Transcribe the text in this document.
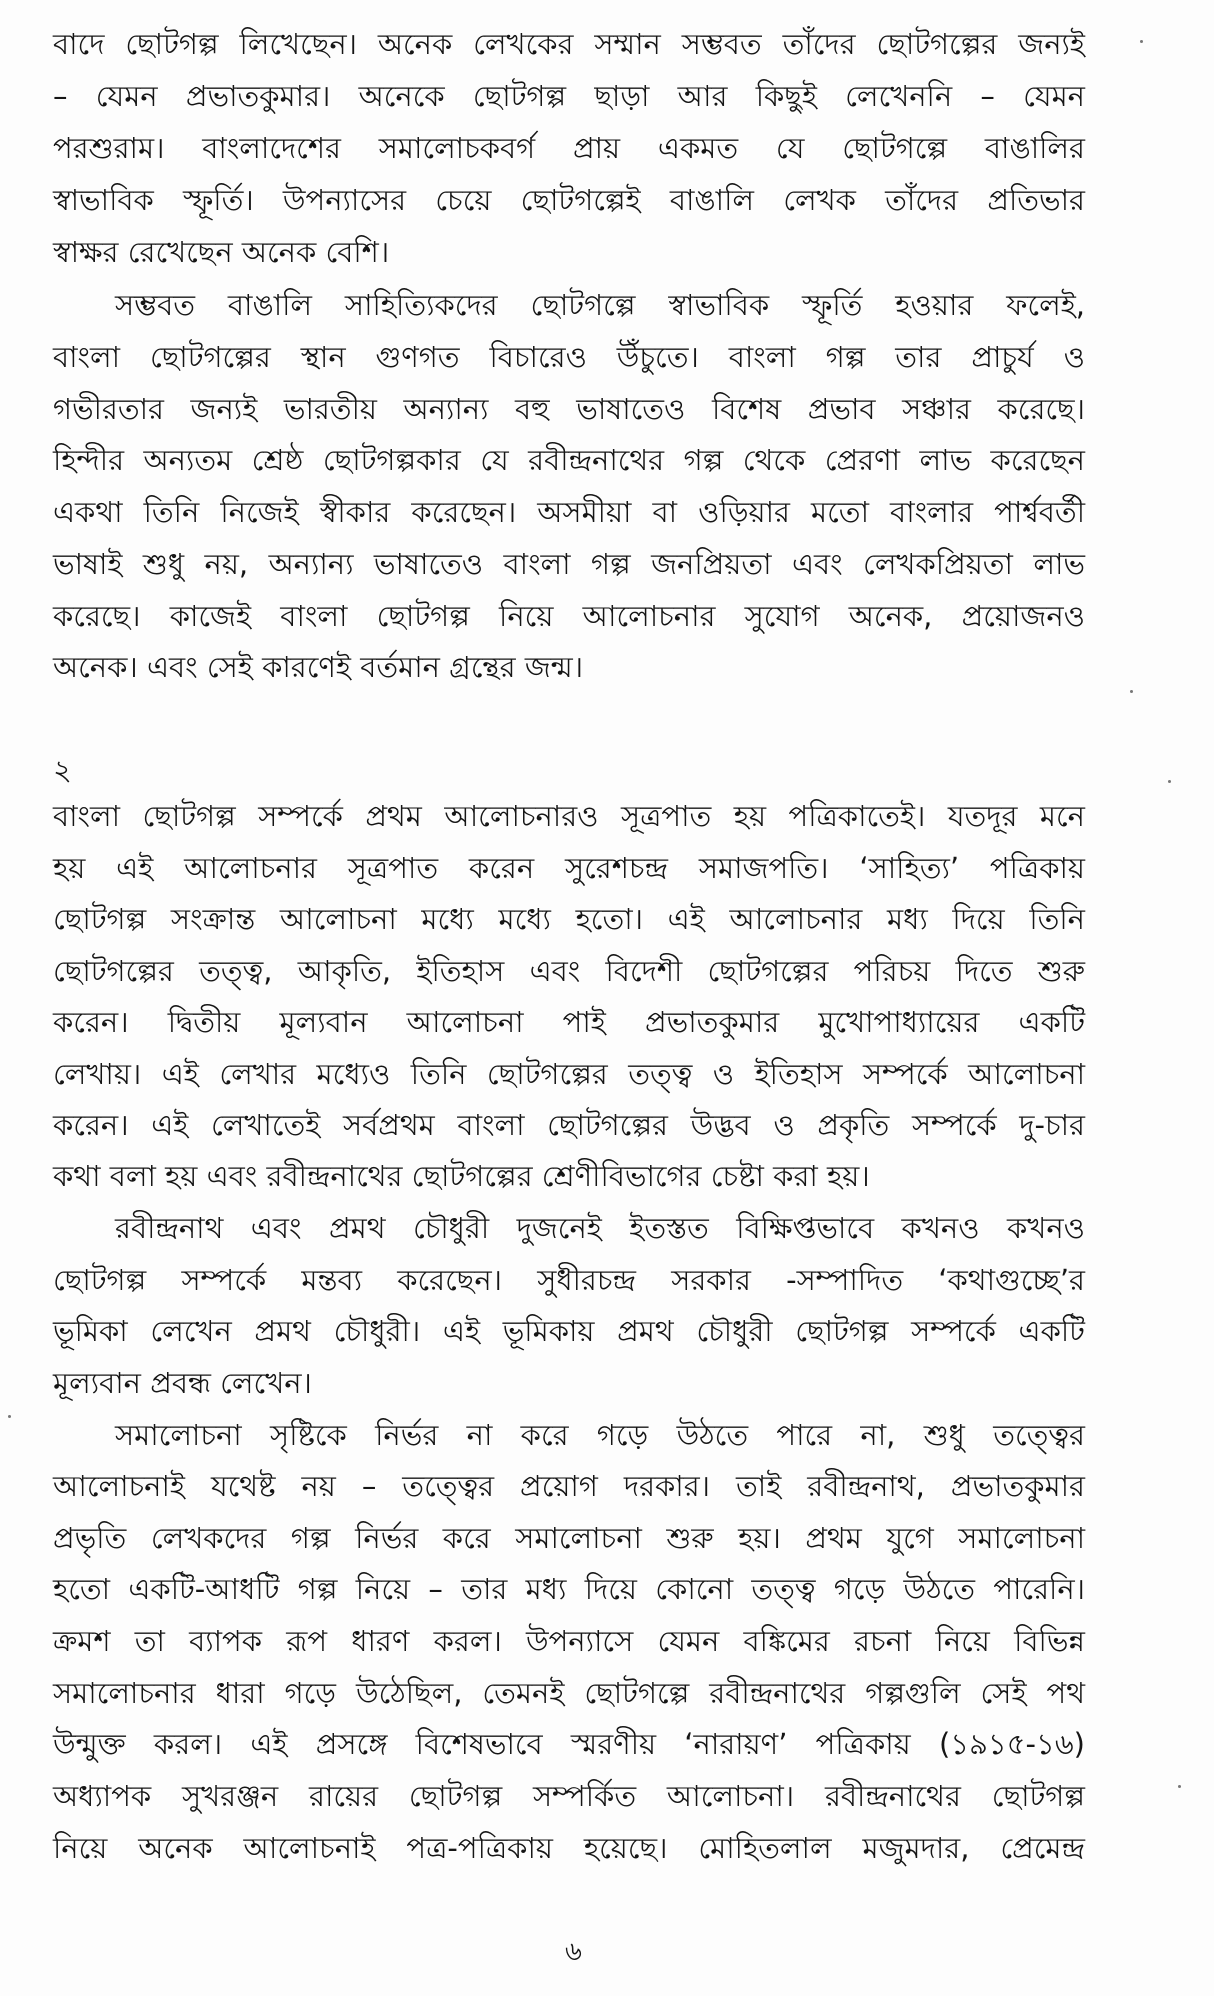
বাদে ছোটগল্প লিখেছেন। অনেক লেখকের সম্মান সম্ভবত তাঁদের ছোটগল্পের জন্যই
– যেমন প্রভাতকুমার। অনেকে ছোটগল্প ছাড়া আর কিছুই লেখেননি – যেমন
পরশুরাম। বাংলাদেশের সমালোচকবর্গ প্রায় একমত যে ছোটগল্পে বাঙালির
স্বাভাবিক স্ফূর্তি। উপন্যাসের চেয়ে ছোটগল্পেই বাঙালি লেখক তাঁদের প্রতিভার
স্বাক্ষর রেখেছেন অনেক বেশি।
সম্ভবত বাঙালি সাহিত্যিকদের ছোটগল্পে স্বাভাবিক স্ফূর্তি হওয়ার ফলেই,
বাংলা ছোটগল্পের স্থান গুণগত বিচারেও উঁচুতে। বাংলা গল্প তার প্রাচুর্য ও
গভীরতার জন্যই ভারতীয় অন্যান্য বহু ভাষাতেও বিশেষ প্রভাব সঞ্চার করেছে।
হিন্দীর অন্যতম শ্রেষ্ঠ ছোটগল্পকার যে রবীন্দ্রনাথের গল্প থেকে প্রেরণা লাভ করেছেন
একথা তিনি নিজেই স্বীকার করেছেন। অসমীয়া বা ওড়িয়ার মতো বাংলার পার্শ্ববর্তী
ভাষাই শুধু নয়, অন্যান্য ভাষাতেও বাংলা গল্প জনপ্রিয়তা এবং লেখকপ্রিয়তা লাভ
করেছে। কাজেই বাংলা ছোটগল্প নিয়ে আলোচনার সুযোগ অনেক, প্রয়োজনও
অনেক। এবং সেই কারণেই বর্তমান গ্রন্থের জন্ম।
২
বাংলা ছোটগল্প সম্পর্কে প্রথম আলোচনারও সূত্রপাত হয় পত্রিকাতেই। যতদূর মনে
হয় এই আলোচনার সূত্রপাত করেন সুরেশচন্দ্র সমাজপতি। ‘সাহিত্য’ পত্রিকায়
ছোটগল্প সংক্রান্ত আলোচনা মধ্যে মধ্যে হতো। এই আলোচনার মধ্য দিয়ে তিনি
ছোটগল্পের তত্ত্ব, আকৃতি, ইতিহাস এবং বিদেশী ছোটগল্পের পরিচয় দিতে শুরু
করেন। দ্বিতীয় মূল্যবান আলোচনা পাই প্রভাতকুমার মুখোপাধ্যায়ের একটি
লেখায়। এই লেখার মধ্যেও তিনি ছোটগল্পের তত্ত্ব ও ইতিহাস সম্পর্কে আলোচনা
করেন। এই লেখাতেই সর্বপ্রথম বাংলা ছোটগল্পের উদ্ভব ও প্রকৃতি সম্পর্কে দু-চার
কথা বলা হয় এবং রবীন্দ্রনাথের ছোটগল্পের শ্রেণীবিভাগের চেষ্টা করা হয়।
রবীন্দ্রনাথ এবং প্রমথ চৌধুরী দুজনেই ইতস্তত বিক্ষিপ্তভাবে কখনও কখনও
ছোটগল্প সম্পর্কে মন্তব্য করেছেন। সুধীরচন্দ্র সরকার -সম্পাদিত ‘কথাগুচ্ছে’র
ভূমিকা লেখেন প্রমথ চৌধুরী। এই ভূমিকায় প্রমথ চৌধুরী ছোটগল্প সম্পর্কে একটি
মূল্যবান প্রবন্ধ লেখেন।
সমালোচনা সৃষ্টিকে নির্ভর না করে গড়ে উঠতে পারে না, শুধু তত্ত্বের
আলোচনাই যথেষ্ট নয় – তত্ত্বের প্রয়োগ দরকার। তাই রবীন্দ্রনাথ, প্রভাতকুমার
প্রভৃতি লেখকদের গল্প নির্ভর করে সমালোচনা শুরু হয়। প্রথম যুগে সমালোচনা
হতো একটি-আধটি গল্প নিয়ে – তার মধ্য দিয়ে কোনো তত্ত্ব গড়ে উঠতে পারেনি।
ক্রমশ তা ব্যাপক রূপ ধারণ করল। উপন্যাসে যেমন বঙ্কিমের রচনা নিয়ে বিভিন্ন
সমালোচনার ধারা গড়ে উঠেছিল, তেমনই ছোটগল্পে রবীন্দ্রনাথের গল্পগুলি সেই পথ
উন্মুক্ত করল। এই প্রসঙ্গে বিশেষভাবে স্মরণীয় ‘নারায়ণ’ পত্রিকায় (১৯১৫-১৬)
অধ্যাপক সুখরঞ্জন রায়ের ছোটগল্প সম্পর্কিত আলোচনা। রবীন্দ্রনাথের ছোটগল্প
নিয়ে অনেক আলোচনাই পত্র-পত্রিকায় হয়েছে। মোহিতলাল মজুমদার, প্রেমেন্দ্র
৬
